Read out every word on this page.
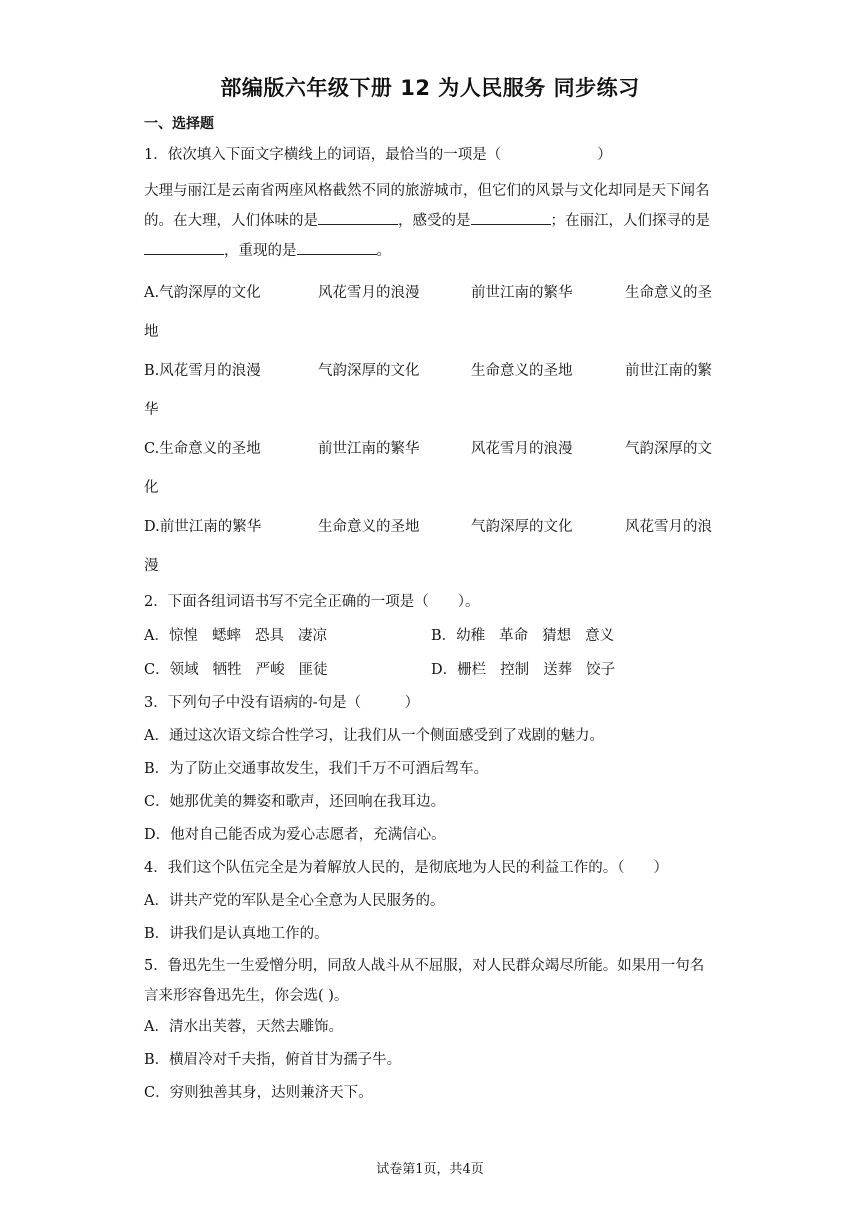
部编版六年级下册 12 为人民服务 同步练习
一、选择题

1．依次填入下面文字横线上的词语，最恰当的一项是（	）

大理与丽江是云南省两座风格截然不同的旅游城市，但它们的风景与文化却同是天下闻名的。在大理，人们体味的是	，感受的是	；在丽江，人们探寻的是，重现的是	。

A.气韵深厚的文化	风花雪月的浪漫	前世江南的繁华	生命意义的圣
地
B.风花雪月的浪漫	气韵深厚的文化	生命意义的圣地	前世江南的繁
华
C.生命意义的圣地	前世江南的繁华	风花雪月的浪漫	气韵深厚的文
化
D.前世江南的繁华	生命意义的圣地	气韵深厚的文化	风花雪月的浪
漫

2．下面各组词语书写不完全正确的一项是（　　）。

A．惊惶 蟋蟀 恐具 凄凉	B．幼稚 革命 猜想 意义
C．领域 牺牲 严峻 匪徒	D．栅栏 控制 送葬 饺子

3．下列句子中没有语病的-句是（　　　）

A．通过这次语文综合性学习，让我们从一个侧面感受到了戏剧的魅力。

B．为了防止交通事故发生，我们千万不可酒后驾车。

C．她那优美的舞姿和歌声，还回响在我耳边。

D．他对自己能否成为爱心志愿者，充满信心。

4．我们这个队伍完全是为着解放人民的，是彻底地为人民的利益工作的。（　　）

A．讲共产党的军队是全心全意为人民服务的。

B．讲我们是认真地工作的。

5．鲁迅先生一生爱憎分明，同敌人战斗从不屈服，对人民群众竭尽所能。如果用一句名言来形容鲁迅先生，你会选( )。

A．清水出芙蓉，天然去雕饰。

B．横眉冷对千夫指，俯首甘为孺子牛。

C．穷则独善其身，达则兼济天下。

试卷第1页，共4页
